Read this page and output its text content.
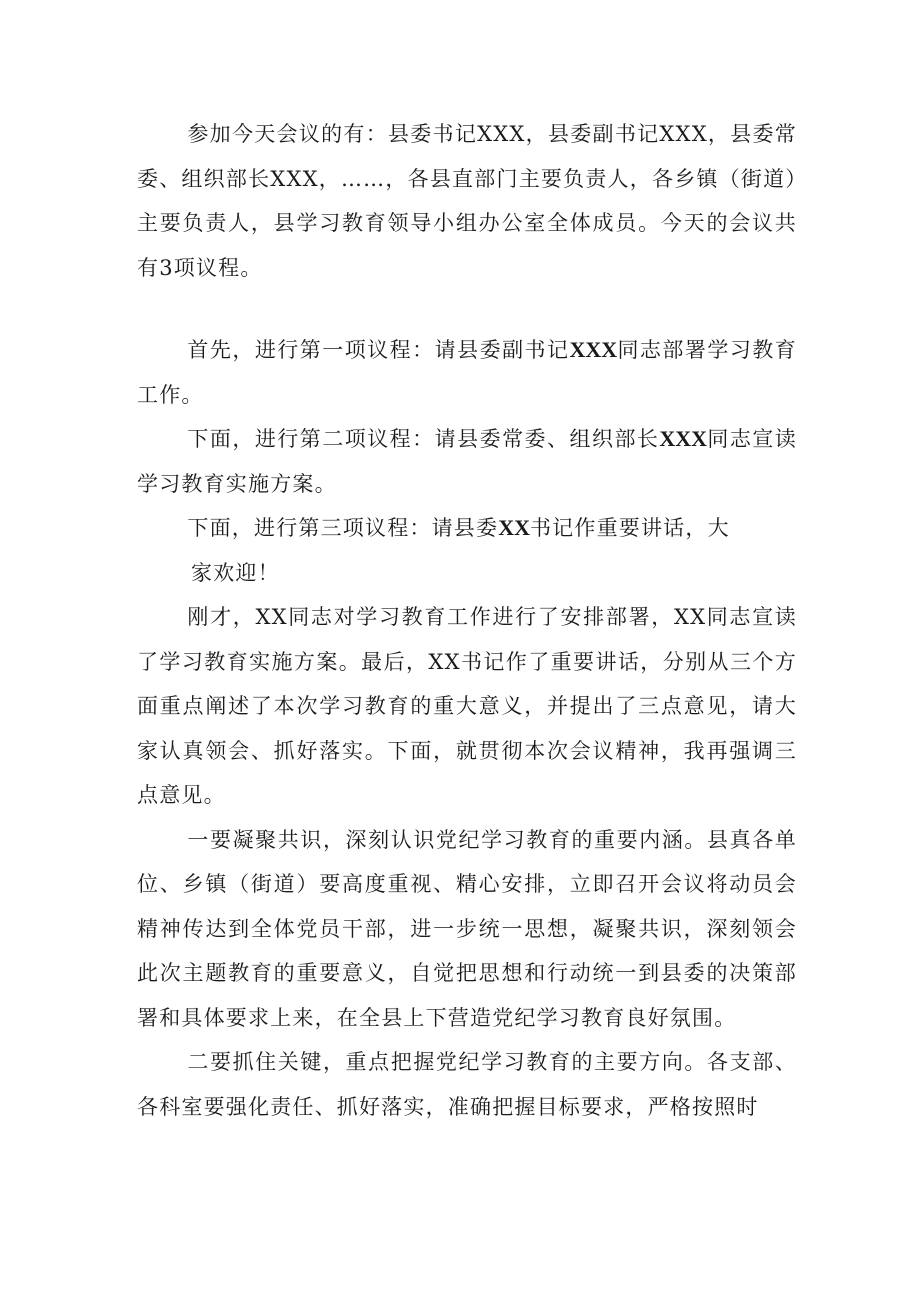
参加今天会议的有：县委书记XXX，县委副书记XXX，县委常委、组织部长XXX，……，各县直部门主要负责人，各乡镇（街道）主要负责人，县学习教育领导小组办公室全体成员。今天的会议共有3项议程。

首先，进行第一项议程：请县委副书记XXX同志部署学习教育工作。

下面，进行第二项议程：请县委常委、组织部长XXX同志宣读学习教育实施方案。

下面，进行第三项议程：请县委XX书记作重要讲话，大

家欢迎！

刚才，XX同志对学习教育工作进行了安排部署，XX同志宣读了学习教育实施方案。最后，XX书记作了重要讲话，分别从三个方面重点阐述了本次学习教育的重大意义，并提出了三点意见，请大家认真领会、抓好落实。下面，就贯彻本次会议精神，我再强调三点意见。

一要凝聚共识，深刻认识党纪学习教育的重要内涵。县真各单位、乡镇（街道）要高度重视、精心安排，立即召开会议将动员会精神传达到全体党员干部，进一步统一思想，凝聚共识，深刻领会此次主题教育的重要意义，自觉把思想和行动统一到县委的决策部署和具体要求上来，在全县上下营造党纪学习教育良好氛围。

二要抓住关键，重点把握党纪学习教育的主要方向。各支部、各科室要强化责任、抓好落实，准确把握目标要求，严格按照时
